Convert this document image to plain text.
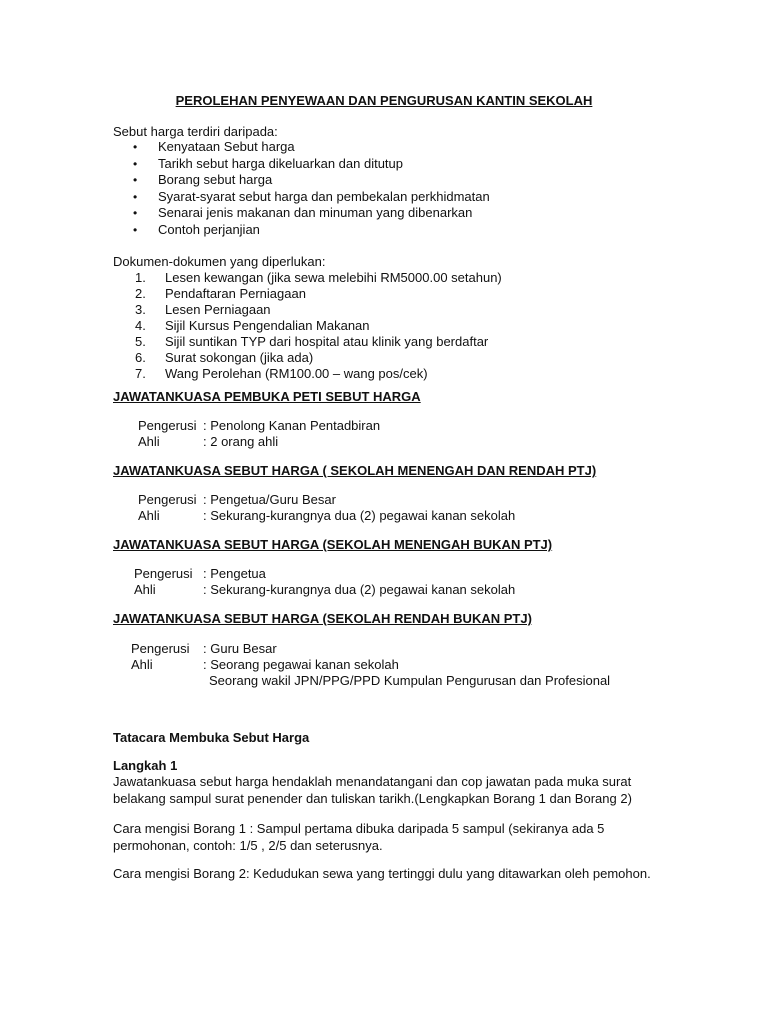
PEROLEHAN PENYEWAAN DAN PENGURUSAN KANTIN SEKOLAH
Sebut harga terdiri daripada:
• Kenyataan Sebut harga
• Tarikh sebut harga dikeluarkan dan ditutup
• Borang sebut harga
• Syarat-syarat sebut harga dan pembekalan perkhidmatan
• Senarai jenis makanan dan minuman yang dibenarkan
• Contoh perjanjian
Dokumen-dokumen yang diperlukan:
1. Lesen kewangan (jika sewa melebihi RM5000.00 setahun)
2. Pendaftaran Perniagaan
3. Lesen Perniagaan
4. Sijil Kursus Pengendalian Makanan
5. Sijil suntikan TYP dari hospital atau klinik yang berdaftar
6. Surat sokongan (jika ada)
7. Wang Perolehan (RM100.00 – wang pos/cek)
JAWATANKUASA PEMBUKA PETI SEBUT HARGA
Pengerusi : Penolong Kanan Pentadbiran
Ahli	: 2 orang ahli
JAWATANKUASA SEBUT HARGA ( SEKOLAH MENENGAH DAN RENDAH PTJ)
Pengerusi : Pengetua/Guru Besar
Ahli	: Sekurang-kurangnya dua (2) pegawai kanan sekolah
JAWATANKUASA SEBUT HARGA (SEKOLAH MENENGAH BUKAN PTJ)
Pengerusi : Pengetua
Ahli	: Sekurang-kurangnya dua (2) pegawai kanan sekolah
JAWATANKUASA SEBUT HARGA (SEKOLAH RENDAH BUKAN PTJ)
Pengerusi : Guru Besar
Ahli	: Seorang pegawai kanan sekolah
Seorang wakil JPN/PPG/PPD Kumpulan Pengurusan dan Profesional
Tatacara Membuka Sebut Harga
Langkah 1
Jawatankuasa sebut harga hendaklah menandatangani dan cop jawatan pada muka surat
belakang sampul surat penender dan tuliskan tarikh.(Lengkapkan Borang 1 dan Borang 2)
Cara mengisi Borang 1 : Sampul pertama dibuka daripada 5 sampul (sekiranya ada 5
permohonan, contoh: 1/5 , 2/5 dan seterusnya.
Cara mengisi Borang 2: Kedudukan sewa yang tertinggi dulu yang ditawarkan oleh pemohon.
